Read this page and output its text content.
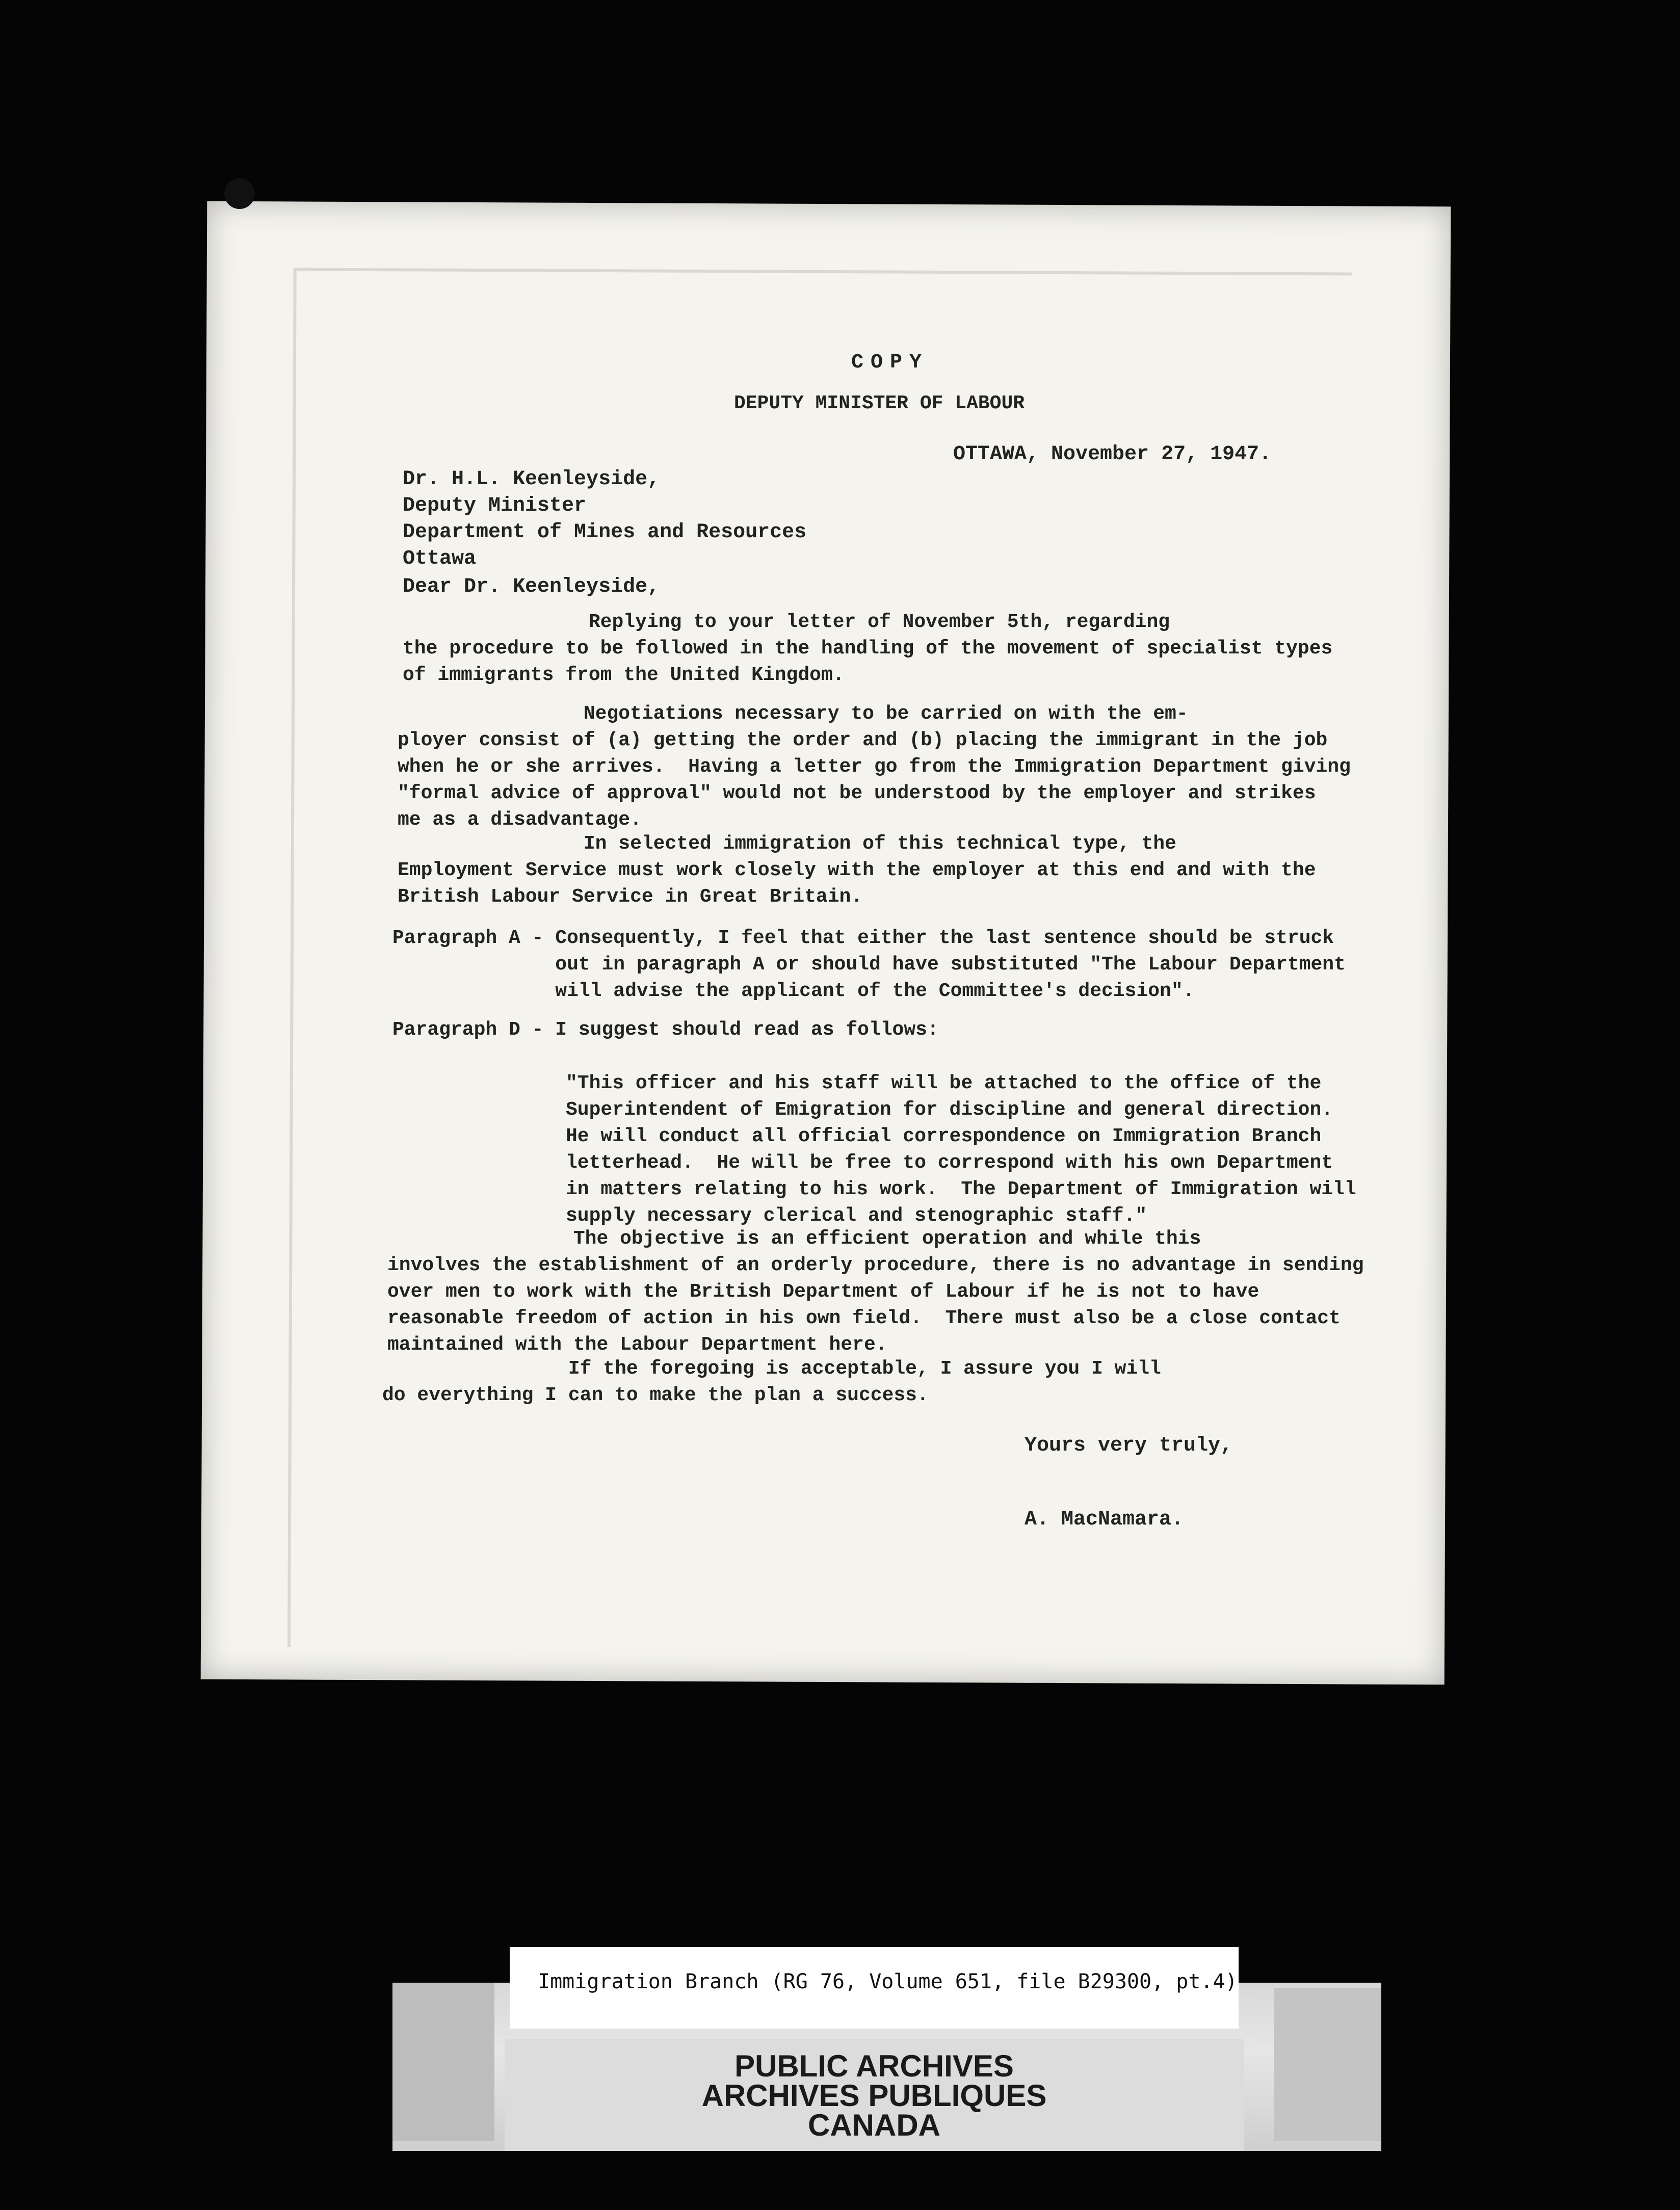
COPY
DEPUTY MINISTER OF LABOUR
OTTAWA, November 27, 1947.
Dr. H.L. Keenleyside,
Deputy Minister
Department of Mines and Resources
Ottawa
Dear Dr. Keenleyside,
Replying to your letter of November 5th, regarding
the procedure to be followed in the handling of the movement of specialist types
of immigrants from the United Kingdom.
Negotiations necessary to be carried on with the em-
ployer consist of (a) getting the order and (b) placing the immigrant in the job
when he or she arrives.  Having a letter go from the Immigration Department giving
"formal advice of approval" would not be understood by the employer and strikes
me as a disadvantage.
In selected immigration of this technical type, the
Employment Service must work closely with the employer at this end and with the
British Labour Service in Great Britain.
Paragraph A - Consequently, I feel that either the last sentence should be struck
out in paragraph A or should have substituted "The Labour Department
will advise the applicant of the Committee's decision".
Paragraph D - I suggest should read as follows:
"This officer and his staff will be attached to the office of the
Superintendent of Emigration for discipline and general direction.
He will conduct all official correspondence on Immigration Branch
letterhead.  He will be free to correspond with his own Department
in matters relating to his work.  The Department of Immigration will
supply necessary clerical and stenographic staff."
The objective is an efficient operation and while this
involves the establishment of an orderly procedure, there is no advantage in sending
over men to work with the British Department of Labour if he is not to have
reasonable freedom of action in his own field.  There must also be a close contact
maintained with the Labour Department here.
If the foregoing is acceptable, I assure you I will
do everything I can to make the plan a success.
Yours very truly,
A. MacNamara.
Immigration Branch (RG 76, Volume 651, file B29300, pt.4)
PUBLIC ARCHIVES
ARCHIVES PUBLIQUES
CANADA
